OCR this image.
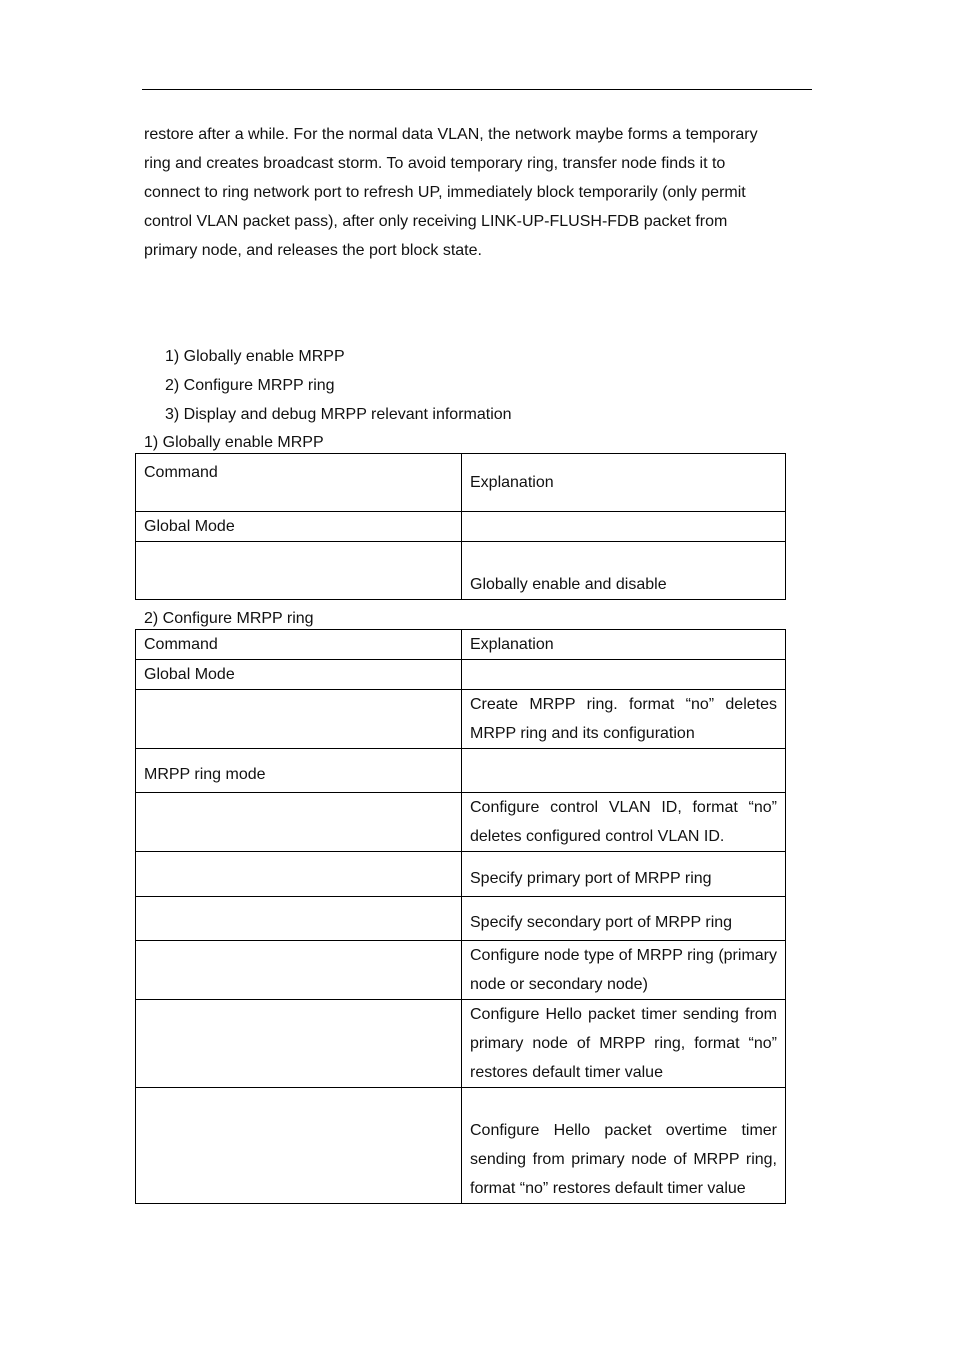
restore after a while. For the normal data VLAN, the network maybe forms a temporary
ring and creates broadcast storm. To avoid temporary ring, transfer node finds it to
connect to ring network port to refresh UP, immediately block temporarily (only permit
control VLAN packet pass), after only receiving LINK-UP-FLUSH-FDB packet from
primary node, and releases the port block state.
1) Globally enable MRPP
2) Configure MRPP ring
3) Display and debug MRPP relevant information
1) Globally enable MRPP
Command	Explanation
Global Mode	
	Globally enable and disable
2) Configure MRPP ring
Command	Explanation
Global Mode	
	Create MRPP ring. format “no” deletes MRPP ring and its configuration
MRPP ring mode	
	Configure control VLAN ID, format “no” deletes configured control VLAN ID.
	Specify primary port of MRPP ring
	Specify secondary port of MRPP ring
	Configure node type of MRPP ring (primary node or secondary node)
	Configure Hello packet timer sending from primary node of MRPP ring, format “no” restores default timer value
	Configure Hello packet overtime timer sending from primary node of MRPP ring, format “no” restores default timer value
